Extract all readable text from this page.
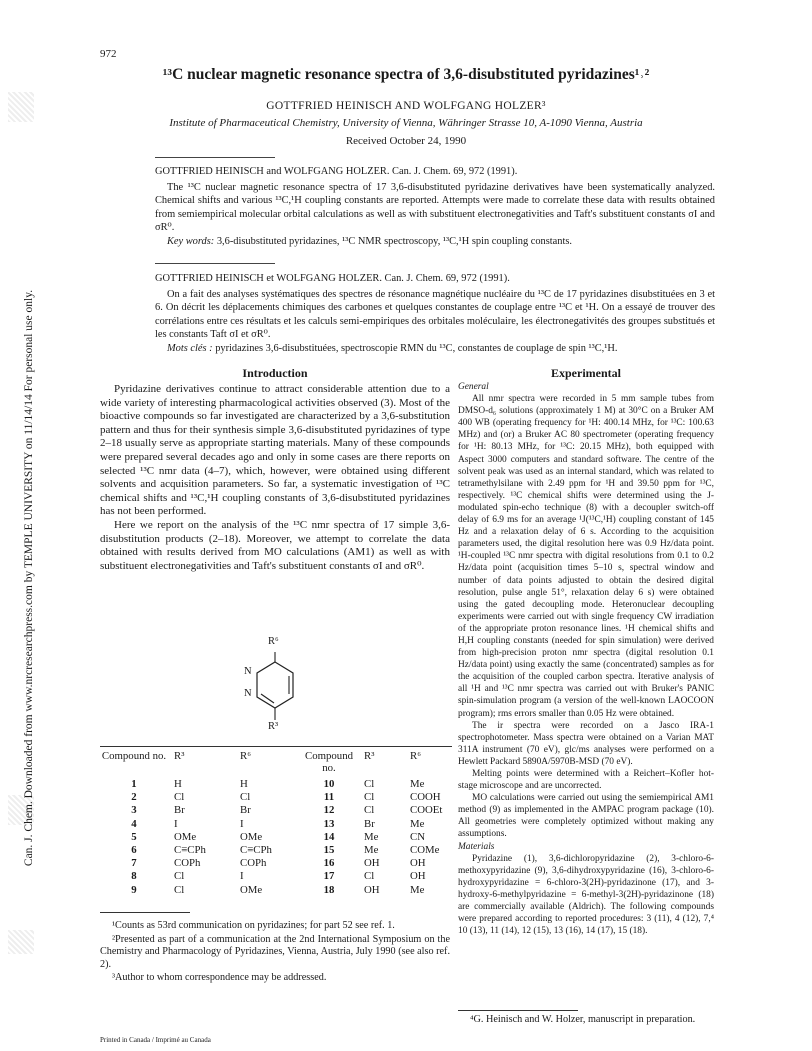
Can. J. Chem. Downloaded from www.nrcresearchpress.com by TEMPLE UNIVERSITY on 11/14/14 For personal use only.
972
¹³C nuclear magnetic resonance spectra of 3,6-disubstituted pyridazines¹˒²
GOTTFRIED HEINISCH AND WOLFGANG HOLZER³
Institute of Pharmaceutical Chemistry, University of Vienna, Währinger Strasse 10, A-1090 Vienna, Austria
Received October 24, 1990

GOTTFRIED HEINISCH and WOLFGANG HOLZER. Can. J. Chem. 69, 972 (1991).

The ¹³C nuclear magnetic resonance spectra of 17 3,6-disubstituted pyridazine derivatives have been systematically analyzed. Chemical shifts and various ¹³C,¹H coupling constants are reported. Attempts were made to correlate these data with results obtained from semiempirical molecular orbital calculations as well as with substituent electronegativities and Taft's substituent constants σI and σR⁰.

Key words: 3,6-disubstituted pyridazines, ¹³C NMR spectroscopy, ¹³C,¹H spin coupling constants.

GOTTFRIED HEINISCH et WOLFGANG HOLZER. Can. J. Chem. 69, 972 (1991).

On a fait des analyses systématiques des spectres de résonance magnétique nucléaire du ¹³C de 17 pyridazines disubstituées en 3 et 6. On décrit les déplacements chimiques des carbones et quelques constantes de couplage entre ¹³C et ¹H. On a essayé de trouver des corrélations entre ces résultats et les calculs semi-empiriques des orbitales moléculaire, les électronegativités des groupes substitués et les constants Taft σI et σR⁰.

Mots clés : pyridazines 3,6-disubstituées, spectroscopie RMN du ¹³C, constantes de couplage de spin ¹³C,¹H.

Introduction

Pyridazine derivatives continue to attract considerable attention due to a wide variety of interesting pharmacological activities observed (3). Most of the bioactive compounds so far investigated are characterized by a 3,6-substitution pattern and thus for their synthesis simple 3,6-disubstituted pyridazines of type 2–18 usually serve as appropriate starting materials. Many of these compounds were prepared several decades ago and only in some cases are there reports on selected ¹³C nmr data (4–7), which, however, were obtained using different solvents and acquisition parameters. So far, a systematic investigation of ¹³C chemical shifts and ¹³C,¹H coupling constants of 3,6-disubstituted pyridazines has not been performed.

Here we report on the analysis of the ¹³C nmr spectra of 17 simple 3,6-disubstitution products (2–18). Moreover, we attempt to correlate the data obtained with results derived from MO calculations (AM1) as well as with substituent electronegativities and Taft's substituent constants σI and σR⁰.

R⁶
N
N
R³
Compound no.	R³	R⁶	Compound no.	R³	R⁶
1	H	H	10	Cl	Me
2	Cl	Cl	11	Cl	COOH
3	Br	Br	12	Cl	COOEt
4	I	I	13	Br	Me
5	OMe	OMe	14	Me	CN
6	C≡CPh	C≡CPh	15	Me	COMe
7	COPh	COPh	16	OH	OH
8	Cl	I	17	Cl	OH
9	Cl	OMe	18	OH	Me

¹Counts as 53rd communication on pyridazines; for part 52 see ref. 1.

²Presented as part of a communication at the 2nd International Symposium on the Chemistry and Pharmacology of Pyridazines, Vienna, Austria, July 1990 (see also ref. 2).

³Author to whom correspondence may be addressed.

Experimental

General

All nmr spectra were recorded in 5 mm sample tubes from DMSO-d₆ solutions (approximately 1 M) at 30°C on a Bruker AM 400 WB (operating frequency for ¹H: 400.14 MHz, for ¹³C: 100.63 MHz) and (or) a Bruker AC 80 spectrometer (operating frequency for ¹H: 80.13 MHz, for ¹³C: 20.15 MHz), both equipped with Aspect 3000 computers and standard software. The centre of the solvent peak was used as an internal standard, which was related to tetramethylsilane with 2.49 ppm for ¹H and 39.50 ppm for ¹³C, respectively. ¹³C chemical shifts were determined using the J-modulated spin-echo technique (8) with a decoupler switch-off delay of 6.9 ms for an average ¹J(¹³C,¹H) coupling constant of 145 Hz and a relaxation delay of 6 s. According to the acquisition parameters used, the digital resolution here was 0.9 Hz/data point. ¹H-coupled ¹³C nmr spectra with digital resolutions from 0.1 to 0.2 Hz/data point (acquisition times 5–10 s, spectral window and number of data points adjusted to obtain the desired digital resolution, pulse angle 51°, relaxation delay 6 s) were obtained using the gated decoupling mode. Heteronuclear decoupling experiments were carried out with single frequency CW irradiation of the appropriate proton resonance lines. ¹H chemical shifts and H,H coupling constants (needed for spin simulation) were derived from high-precision proton nmr spectra (digital resolution 0.1 Hz/data point) using exactly the same (concentrated) samples as for the acquisition of the coupled carbon spectra. Iterative analysis of all ¹H and ¹³C nmr spectra was carried out with Bruker's PANIC spin-simulation program (a version of the well-known LAOCOON program); rms errors smaller than 0.05 Hz were obtained.

The ir spectra were recorded on a Jasco IRA-1 spectrophotometer. Mass spectra were obtained on a Varian MAT 311A instrument (70 eV), glc/ms analyses were performed on a Hewlett Packard 5890A/5970B-MSD (70 eV).

Melting points were determined with a Reichert–Kofler hot-stage microscope and are uncorrected.

MO calculations were carried out using the semiempirical AM1 method (9) as implemented in the AMPAC program package (10). All geometries were completely optimized without making any assumptions.

Materials

Pyridazine (1), 3,6-dichloropyridazine (2), 3-chloro-6-methoxypyridazine (9), 3,6-dihydroxypyridazine (16), 3-chloro-6-hydroxypyridazine = 6-chloro-3(2H)-pyridazinone (17), and 3-hydroxy-6-methylpyridazine = 6-methyl-3(2H)-pyridazinone (18) are commercially available (Aldrich). The following compounds were prepared according to reported procedures: 3 (11), 4 (12), 7,⁴ 10 (13), 11 (14), 12 (15), 13 (16), 14 (17), 15 (18).

⁴G. Heinisch and W. Holzer, manuscript in preparation.

Printed in Canada / Imprimé au Canada
